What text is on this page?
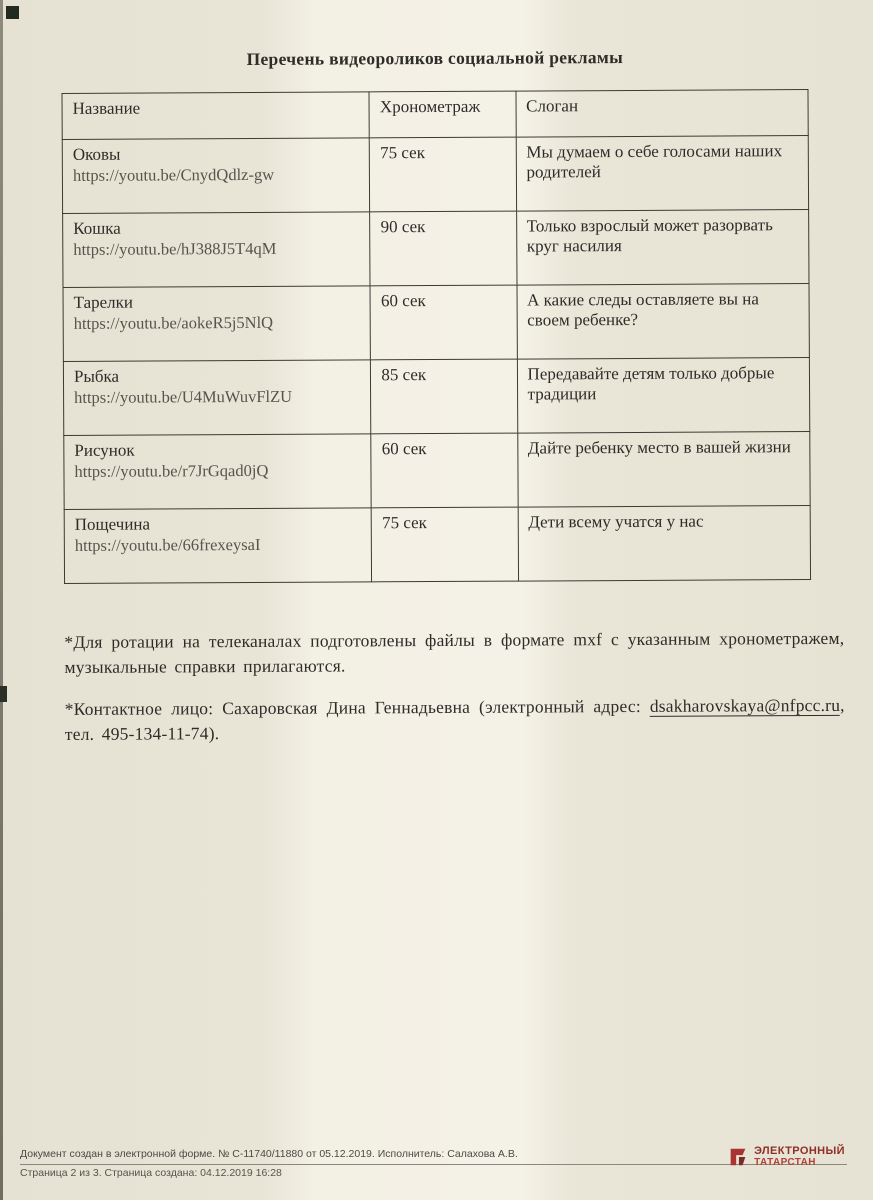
Перечень видеороликов социальной рекламы
Название	Хронометраж	Слоган

Оковы
https://youtu.be/CnydQdlz-gw	75 сек	Мы думаем о себе голосами наших родителей

Кошка
https://youtu.be/hJ388J5T4qM	90 сек	Только взрослый может разорвать круг насилия

Тарелки
https://youtu.be/aokeR5j5NlQ	60 сек	А какие следы оставляете вы на своем ребенке?

Рыбка
https://youtu.be/U4MuWuvFlZU	85 сек	Передавайте детям только добрые традиции

Рисунок
https://youtu.be/r7JrGqad0jQ	60 сек	Дайте ребенку место в вашей жизни

Пощечина
https://youtu.be/66frexeysaI	75 сек	Дети всему учатся у нас

*Для ротации на телеканалах подготовлены файлы в формате mxf с указанным хронометражем, музыкальные справки прилагаются.

*Контактное лицо: Сахаровская Дина Геннадьевна (электронный адрес: dsakharovskaya@nfpcc.ru, тел. 495-134-11-74).

Документ создан в электронной форме. № С-11740/11880 от 05.12.2019. Исполнитель: Салахова А.В.
Страница 2 из 3. Страница создана: 04.12.2019 16:28
ЭЛЕКТРОННЫЙ
ТАТАРСТАН
